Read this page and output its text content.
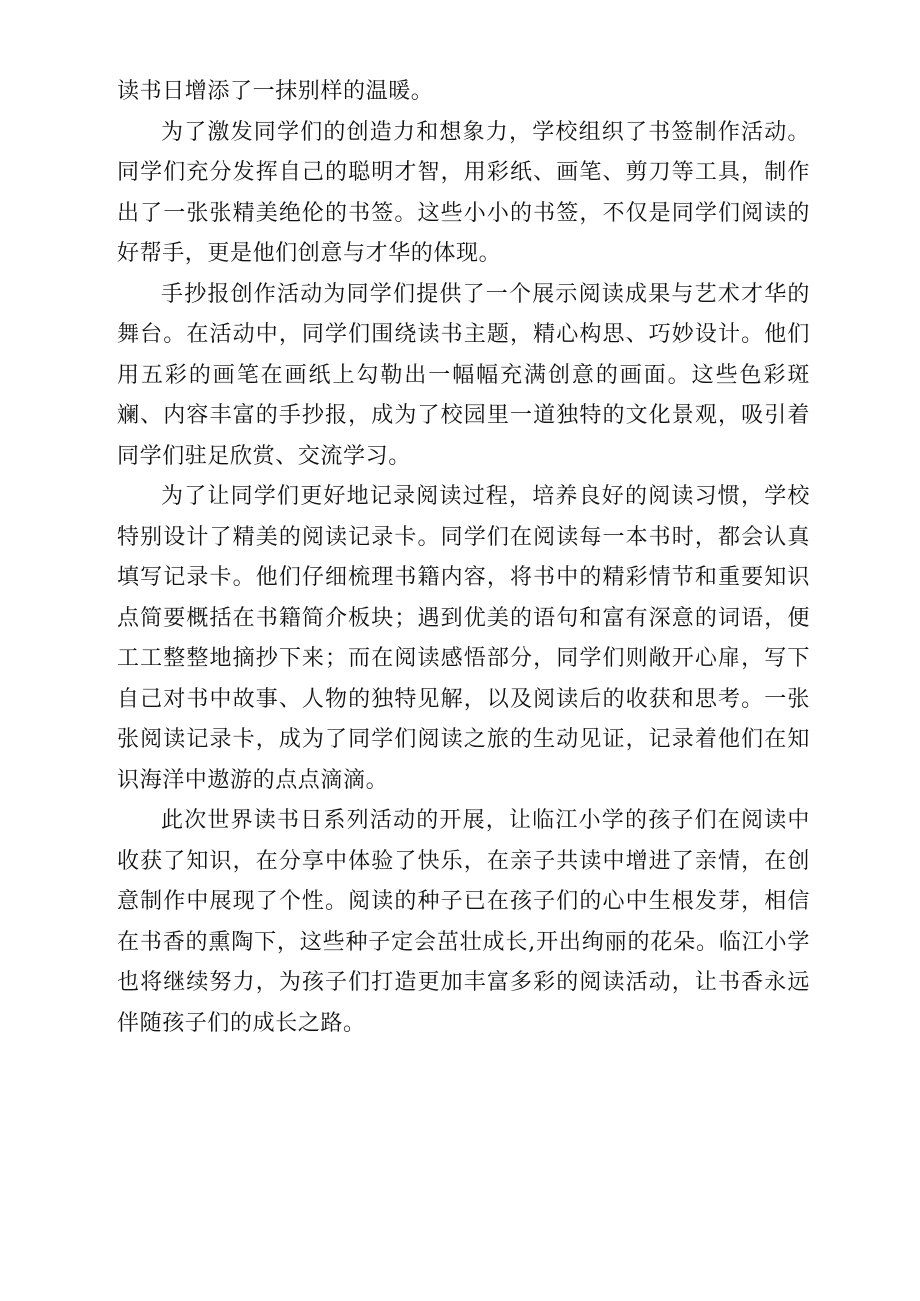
读书日增添了一抹别样的温暖。

为了激发同学们的创造力和想象力，学校组织了书签制作活动。同学们充分发挥自己的聪明才智，用彩纸、画笔、剪刀等工具，制作出了一张张精美绝伦的书签。这些小小的书签，不仅是同学们阅读的好帮手，更是他们创意与才华的体现。

手抄报创作活动为同学们提供了一个展示阅读成果与艺术才华的舞台。在活动中，同学们围绕读书主题，精心构思、巧妙设计。他们用五彩的画笔在画纸上勾勒出一幅幅充满创意的画面。这些色彩斑斓、内容丰富的手抄报，成为了校园里一道独特的文化景观，吸引着同学们驻足欣赏、交流学习。

为了让同学们更好地记录阅读过程，培养良好的阅读习惯，学校特别设计了精美的阅读记录卡。同学们在阅读每一本书时，都会认真填写记录卡。他们仔细梳理书籍内容，将书中的精彩情节和重要知识点简要概括在书籍简介板块；遇到优美的语句和富有深意的词语，便工工整整地摘抄下来；而在阅读感悟部分，同学们则敞开心扉，写下自己对书中故事、人物的独特见解，以及阅读后的收获和思考。一张张阅读记录卡，成为了同学们阅读之旅的生动见证，记录着他们在知识海洋中遨游的点点滴滴。

此次世界读书日系列活动的开展，让临江小学的孩子们在阅读中收获了知识，在分享中体验了快乐，在亲子共读中增进了亲情，在创意制作中展现了个性。阅读的种子已在孩子们的心中生根发芽，相信在书香的熏陶下，这些种子定会茁壮成长,开出绚丽的花朵。临江小学也将继续努力，为孩子们打造更加丰富多彩的阅读活动，让书香永远伴随孩子们的成长之路。
